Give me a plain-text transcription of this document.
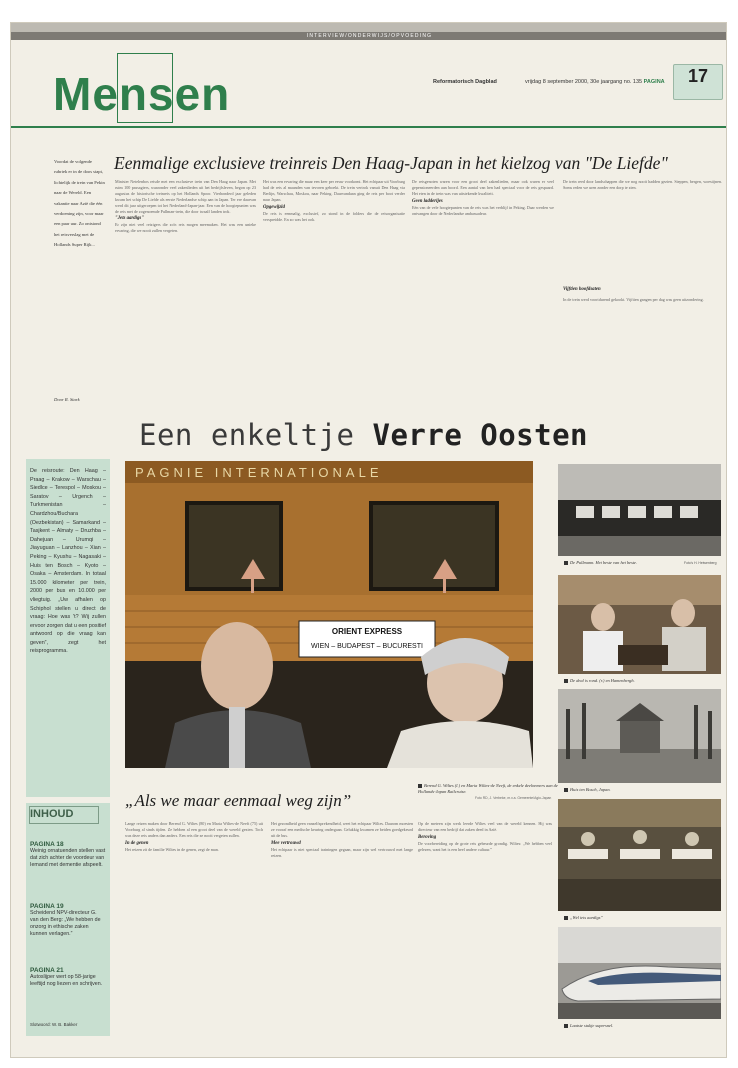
INTERVIEW/ONDERWIJS/OPVOEDING
Mensen	Reformatorisch Dagblad	vrijdag 8 september 2000, 30e jaargang no. 135 PAGINA	17
Voordat de volgende rubriek er in de doos stapt, lichtelijk de trein van Pekin naar de Wereld. Een vakantie naar Azië die één verdoening zijn, voor maar een paar uur. Zo ontstond het reisverslag met de Hollands Super Rijk...
Door R. Stark
Eenmalige exclusieve treinreis Den Haag-Japan in het kielzog van "De Liefde"
Minister Netelenbos reisde met een exclusieve trein van Den Haag naar Japan. Met ruim 100 passagiers, waaronder veel zakenlieden uit het bedrijfsleven, begon op 23 augustus de historische treinreis op het Hollands Spoor. Vierhonderd jaar geleden kwam het schip De Liefde als eerste Nederlandse schip aan in Japan. Ter ere daarvan werd dit jaar uitgeroepen tot het Nederland-Japan-jaar. Een van de hoogtepunten was de reis met de zogenoemde Pullman-trein, die door twaalf landen trok.
"Jets aardigs"
Er zijn niet veel reizigers die zo'n reis mogen meemaken. Het was een unieke ervaring, die we nooit zullen vergeten.
Het was een ervaring die maar een keer per eeuw voorkomt. Het echtpaar uit Voorburg had de reis al maanden van tevoren geboekt. De trein vertrok vanuit Den Haag via Berlijn, Warschau, Moskou, naar Peking. Daarvandaan ging de reis per boot verder naar Japan.
Opgewijzld
De reis is eenmalig, exclusief, zo stond in de folders die de reisorganisatie verspreidde. En zo was het ook.
De reisgenoten waren voor een groot deel zakenlieden, maar ook waren er veel gepensioneerden aan boord. Een aantal van hen had speciaal voor de reis gespaard. Het eten in de trein was van uitstekende kwaliteit.
Geen ladderijes
Eén van de vele hoogtepunten van de reis was het verblijf in Peking. Daar werden we ontvangen door de Nederlandse ambassadeur.
De trein reed door landschappen die we nog nooit hadden gezien. Steppen, bergen, woestijnen. Soms reden we uren zonder een dorp te zien.
Vijftien hoofdsaten
In de trein werd voortdurend gekookt. Vijftien gangen per dag was geen uitzondering.
Een enkeltje Verre Oosten
De reisroute: Den Haag – Praag – Krakow – Warschau – Siedlce – Terespol – Moskou – Saratov – Urgench – Turkmenistan – Chardzhou/Buchara (Oezbekistan) – Samarkand – Tasjkent – Almaty – Druzhba – Dahejuan – Urumqi – Jiayuguan – Lanzhou – Xian – Peking – Kyushu – Nagasaki – Huis ten Bosch – Kyoto – Osaka – Amsterdam. In totaal 15.000 kilometer per trein, 2000 per bus en 10.000 per vliegtuig. „Uw afhalen op Schiphol stellen u direct de vraag: Hoe was 't? Wij zullen ervoor zorgen dat u een positief antwoord op die vraag kan geven”, zegt het reisprogramma.
PAGNIE INTERNATIONALE
ORIENT EXPRESS
WIEN – BUDAPEST – BUCURESTI
Berend G. Wiltes (l.) en Maria Wiltes-de Neeft, de enkele deelnemers aan de Hollands-Japan Railcruise.
Foto RD, J. Verbeke, m.v.a. Gemeente/Agio-Japan
„Als we maar eenmaal weg zijn”
Lange reizen maken door Berend G. Wiltes (80) en Maria Wiltes-de Neeft (75) uit Voorburg al sinds tijden. Ze hebben al een groot deel van de wereld gezien. Toch was deze reis anders dan anders. Een reis die ze nooit vergeten zullen.
In de genen
Het reizen zit de familie Wiltes in de genen, zegt de man.
Het gezondheid geen vanzelfsprekendheid, weet het echtpaar Wiltes. Daarom moesten ze vooraf een medische keuring ondergaan. Gelukkig kwamen ze beiden goedgekeurd uit de bus.
Mee vertrouwd
Het echtpaar is niet speciaal trainingen gegaan, maar zijn wel vertrouwd met lange reizen.
Op de meteen zijn werk leerde Wiltes veel van de wereld kennen. Hij was directeur van een bedrijf dat zaken deed in Azië.
Beroving
De voorbereiding op de grote reis gebeurde grondig. Wiltes: „We hebben veel gelezen, want het is een heel andere cultuur.”
De Pullmann. Het beste van het beste.	Foto's H. Heiwenberg
De deal is rond. (r.) en Hamenbergh.
Huis ten Bosch, Japan.
„Wel iets aardigs”
Laatste stukje supersnel.
INHOUD
PAGINA 18
Weinig ornatuenden stellen vast dat zich achter de voordeur van Iemand met dementie afspeelt.
PAGINA 19
Scheidend NPV-directeur G. van den Berg: „We hebben de onzorg in ethische zaken kunnen verlagen.”
PAGINA 21
Autoslijper wert op 58-jarige leeftijd nog liezen en schrijven.
Slotwoord: W. B. Bakker
